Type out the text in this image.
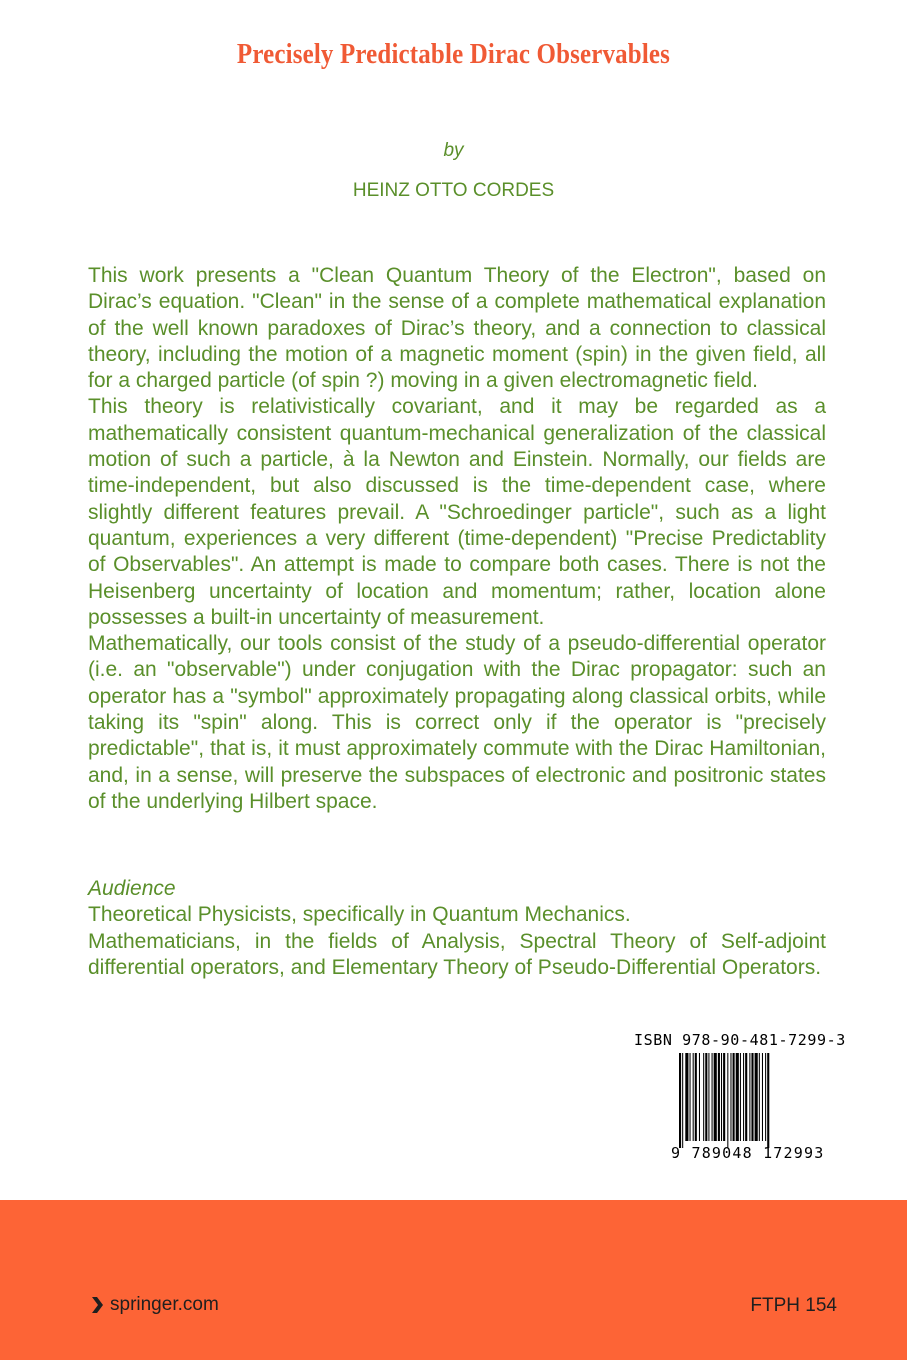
Precisely Predictable Dirac Observables
by
HEINZ OTTO CORDES

This work presents a "Clean Quantum Theory of the Electron", based on Dirac’s equation. "Clean" in the sense of a complete mathematical explanation of the well known paradoxes of Dirac’s theory, and a connection to classical theory, including the motion of a magnetic moment (spin) in the given field, all for a charged particle (of spin ?) moving in a given electromagnetic field.

This theory is relativistically covariant, and it may be regarded as a mathematically consistent quantum-mechanical generalization of the classical motion of such a particle, à la Newton and Einstein. Normally, our fields are time-independent, but also discussed is the time-dependent case, where slightly different features prevail. A "Schroedinger particle", such as a light quantum, experiences a very different (time-dependent) "Precise Predictablity of Observables". An attempt is made to compare both cases. There is not the Heisenberg uncertainty of location and momentum; rather, location alone possesses a built-in uncertainty of measurement.

Mathematically, our tools consist of the study of a pseudo-differential operator (i.e. an "observable") under conjugation with the Dirac propagator: such an operator has a "symbol" approximately propagating along classical orbits, while taking its "spin" along. This is correct only if the operator is "precisely predictable", that is, it must approximately commute with the Dirac Hamiltonian, and, in a sense, will preserve the subspaces of electronic and positronic states of the underlying Hilbert space.

Audience

Theoretical Physicists, specifically in Quantum Mechanics.

Mathematicians, in the fields of Analysis, Spectral Theory of Self-adjoint differential operators, and Elementary Theory of Pseudo-Differential Operators.

ISBN 978-90-481-7299-3
9 789048 172993
springer.com	FTPH 154
